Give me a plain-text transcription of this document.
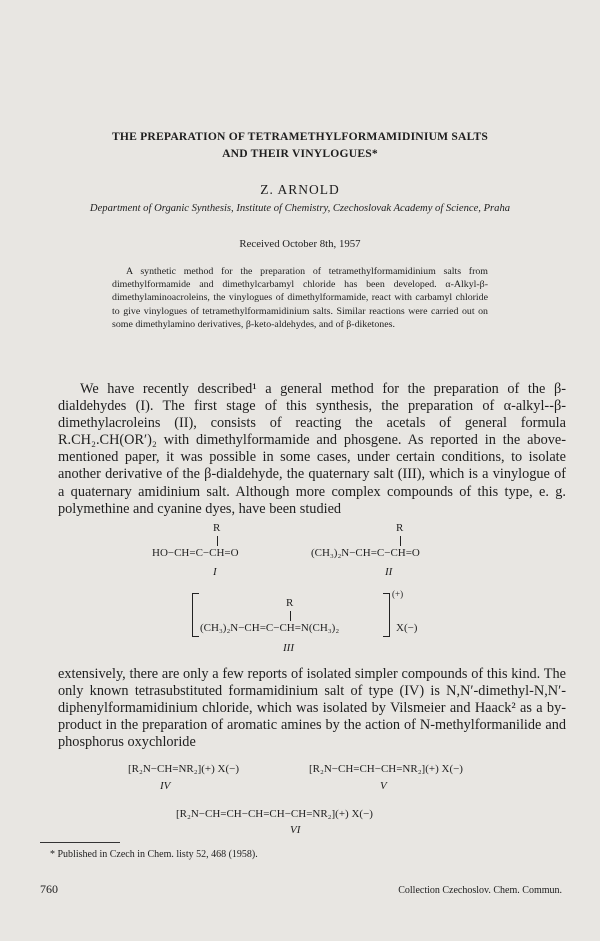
THE PREPARATION OF TETRAMETHYLFORMAMIDINIUM SALTS
AND THEIR VINYLOGUES*
Z. ARNOLD
Department of Organic Synthesis, Institute of Chemistry, Czechoslovak Academy of Science, Praha
Received October 8th, 1957
A synthetic method for the preparation of tetramethylformamidinium salts from dimethylformamide and dimethylcarbamyl chloride has been developed. α-Alkyl-β-dimethylaminoacroleins, the vinylogues of dimethylformamide, react with carbamyl chloride to give vinylogues of tetramethylformamidinium salts. Similar reactions were carried out on some dimethylamino derivatives, β-keto-aldehydes, and of β-diketones.
We have recently described¹ a general method for the preparation of the β-dialdehydes (I). The first stage of this synthesis, the preparation of α-alkyl--β-dimethylacroleins (II), consists of reacting the acetals of general formula R.CH₂.CH(OR′)₂ with dimethylformamide and phosgene. As reported in the above-mentioned paper, it was possible in some cases, under certain conditions, to isolate another derivative of the β-dialdehyde, the quaternary salt (III), which is a vinylogue of a quaternary amidinium salt. Although more complex compounds of this type, e. g. polymethine and cyanine dyes, have been studied
R
HO−CH=C−CH=O
I
R
(CH₃)₂N−CH=C−CH=O
II
R
(CH₃)₂N−CH=C−CH=N(CH₃)₂
(+)
X(−)
III
extensively, there are only a few reports of isolated simpler compounds of this kind. The only known tetrasubstituted formamidinium salt of type (IV) is N,N′-dimethyl-N,N′-diphenylformamidinium chloride, which was isolated by Vilsmeier and Haack² as a by-product in the preparation of aromatic amines by the action of N-methylformanilide and phosphorus oxychloride
[R₂N−CH=NR₂](+) X(−)
IV
[R₂N−CH=CH−CH=NR₂](+) X(−)
V
[R₂N−CH=CH−CH=CH−CH=NR₂](+) X(−)
VI
* Published in Czech in Chem. listy 52, 468 (1958).
760	Collection Czechoslov. Chem. Commun.
